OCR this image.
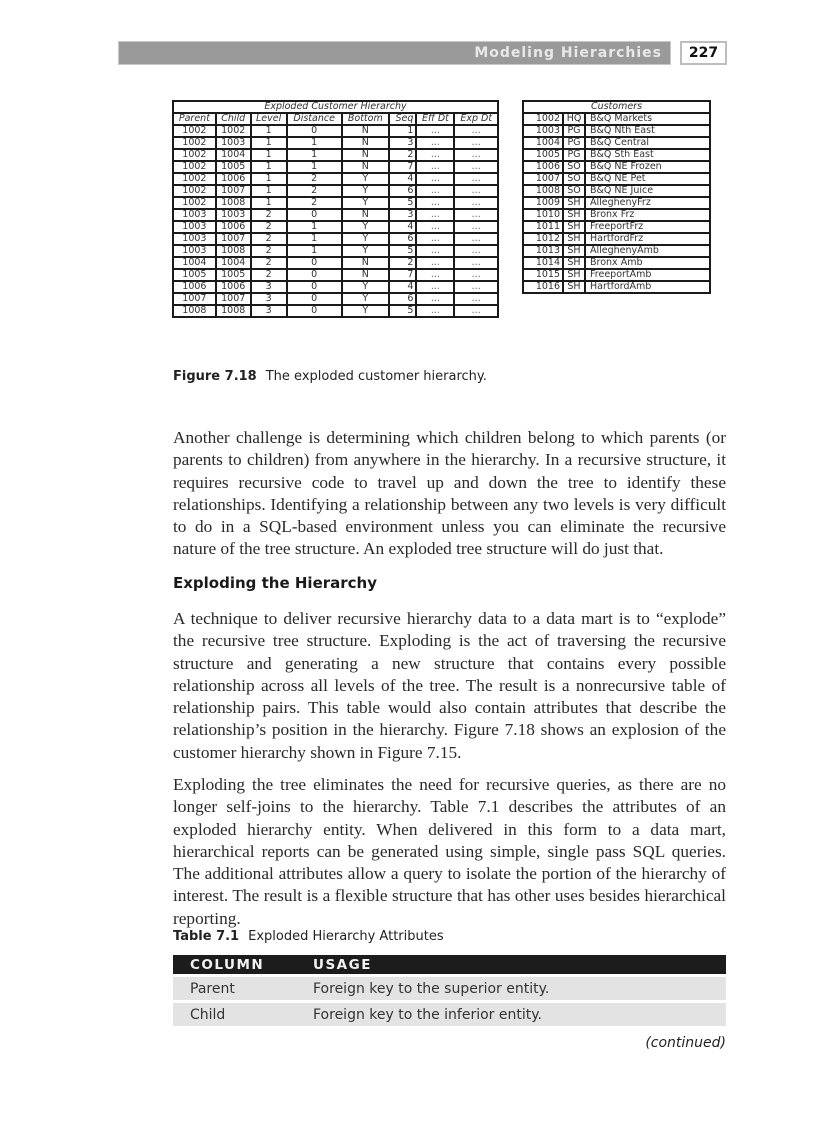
Modeling Hierarchies	227
Exploded Customer Hierarchy							
Parent	Child	Level	Distance	Bottom	Seq	Eff Dt	Exp Dt
1002	1002	1	0	N	1	...	...
1002	1003	1	1	N	3	...	...
1002	1004	1	1	N	2	...	...
1002	1005	1	1	N	7	...	...
1002	1006	1	2	Y	4	...	...
1002	1007	1	2	Y	6	...	...
1002	1008	1	2	Y	5	...	...
1003	1003	2	0	N	3	...	...
1003	1006	2	1	Y	4	...	...
1003	1007	2	1	Y	6	...	...
1003	1008	2	1	Y	5	...	...
1004	1004	2	0	N	2	...	...
1005	1005	2	0	N	7	...	...
1006	1006	3	0	Y	4	...	...
1007	1007	3	0	Y	6	...	...
1008	1008	3	0	Y	5	...	...
Customers		
1002	HQ	B&Q Markets
1003	PG	B&Q Nth East
1004	PG	B&Q Central
1005	PG	B&Q Sth East
1006	SO	B&Q NE Frozen
1007	SO	B&Q NE Pet
1008	SO	B&Q NE Juice
1009	SH	AlleghenyFrz
1010	SH	Bronx Frz
1011	SH	FreeportFrz
1012	SH	HartfordFrz
1013	SH	AlleghenyAmb
1014	SH	Bronx Amb
1015	SH	FreeportAmb
1016	SH	HartfordAmb
Figure 7.18 The exploded customer hierarchy.

Another challenge is determining which children belong to which parents (or parents to children) from anywhere in the hierarchy. In a recursive structure, it requires recursive code to travel up and down the tree to identify these relationships. Identifying a relationship between any two levels is very difficult to do in a SQL-based environment unless you can eliminate the recursive nature of the tree structure. An exploded tree structure will do just that.

Exploding the Hierarchy

A technique to deliver recursive hierarchy data to a data mart is to “explode” the recursive tree structure. Exploding is the act of traversing the recursive structure and generating a new structure that contains every possible relationship across all levels of the tree. The result is a nonrecursive table of relationship pairs. This table would also contain attributes that describe the relationship’s position in the hierarchy. Figure 7.18 shows an explosion of the customer hierarchy shown in Figure 7.15.

Exploding the tree eliminates the need for recursive queries, as there are no longer self-joins to the hierarchy. Table 7.1 describes the attributes of an exploded hierarchy entity. When delivered in this form to a data mart, hierarchical reports can be generated using simple, single pass SQL queries. The additional attributes allow a query to isolate the portion of the hierarchy of interest. The result is a flexible structure that has other uses besides hierarchical reporting.

Table 7.1 Exploded Hierarchy Attributes
COLUMN	USAGE
Parent	Foreign key to the superior entity.
Child	Foreign key to the inferior entity.
(continued)
